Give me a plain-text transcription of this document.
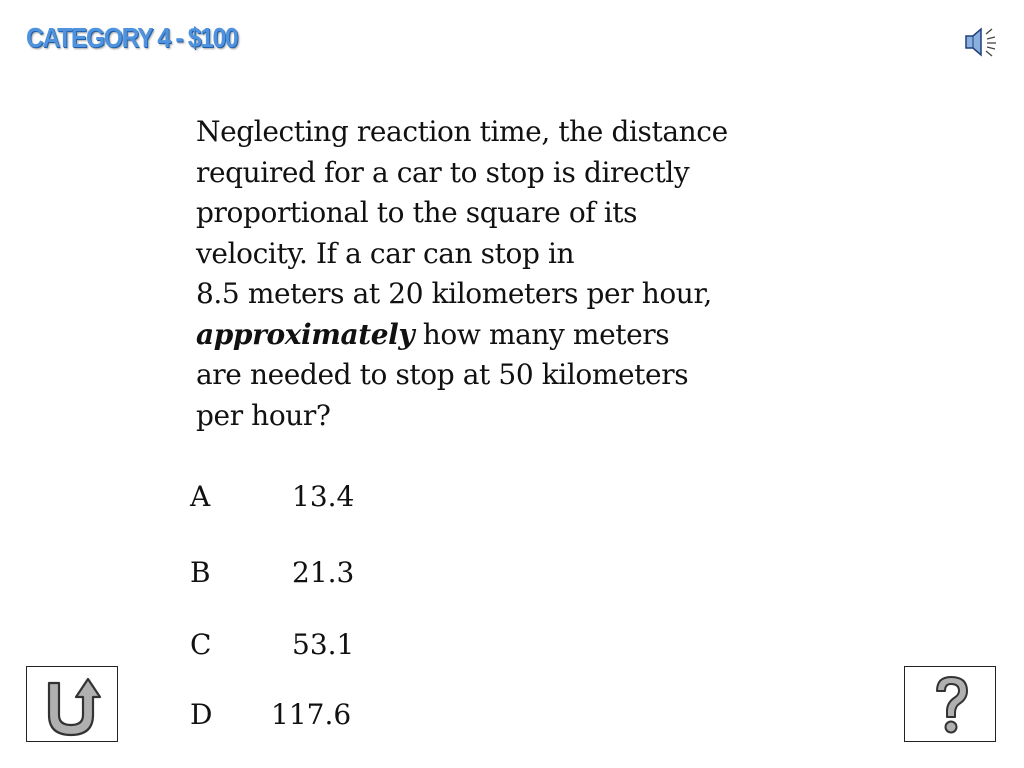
CATEGORY 4 - $100
Neglecting reaction time, the distance
required for a car to stop is directly
proportional to the square of its
velocity. If a car can stop in
8.5 meters at 20 kilometers per hour,
approximately how many meters
are needed to stop at 50 kilometers
per hour?
A	13.4
B	21.3
C	53.1
D 117.6
